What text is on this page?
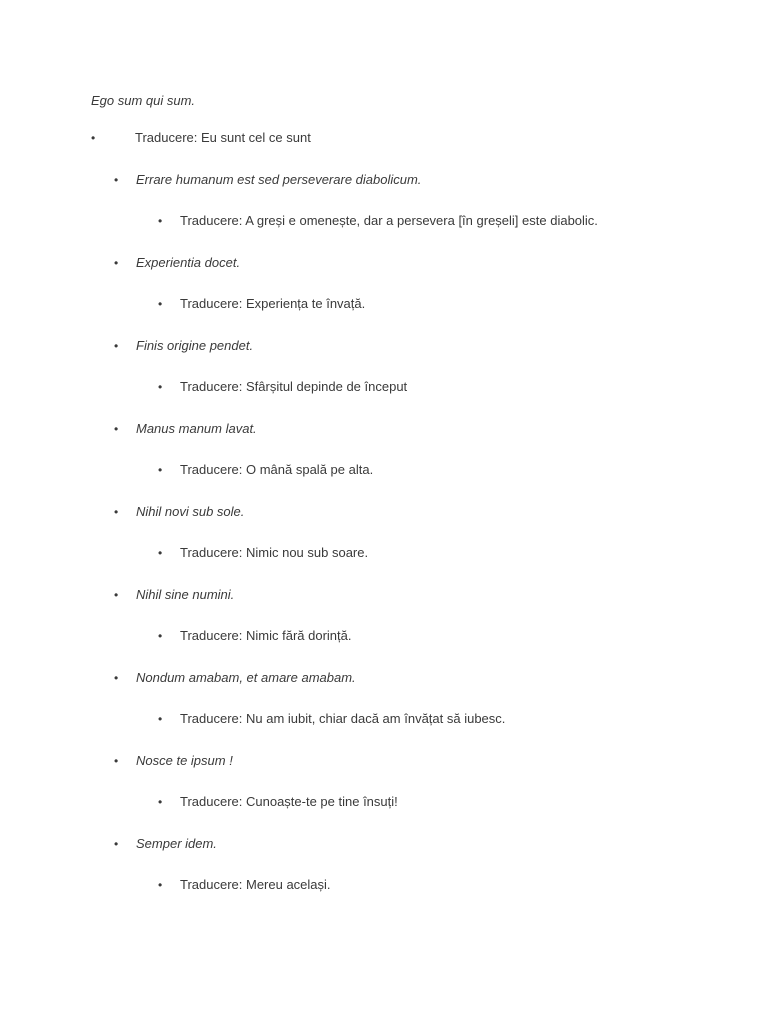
Ego sum qui sum.
•	Traducere: Eu sunt cel ce sunt
• Errare humanum est sed perseverare diabolicum.
• Traducere: A greși e omenește, dar a persevera [în greșeli] este diabolic.
• Experientia docet.
• Traducere: Experiența te învață.
• Finis origine pendet.
• Traducere: Sfârșitul depinde de început
• Manus manum lavat.
• Traducere: O mână spală pe alta.
• Nihil novi sub sole.
• Traducere: Nimic nou sub soare.
• Nihil sine numini.
• Traducere: Nimic fără dorință.
• Nondum amabam, et amare amabam.
• Traducere: Nu am iubit, chiar dacă am învățat să iubesc.
• Nosce te ipsum !
• Traducere: Cunoaște-te pe tine însuți!
• Semper idem.
• Traducere: Mereu același.
